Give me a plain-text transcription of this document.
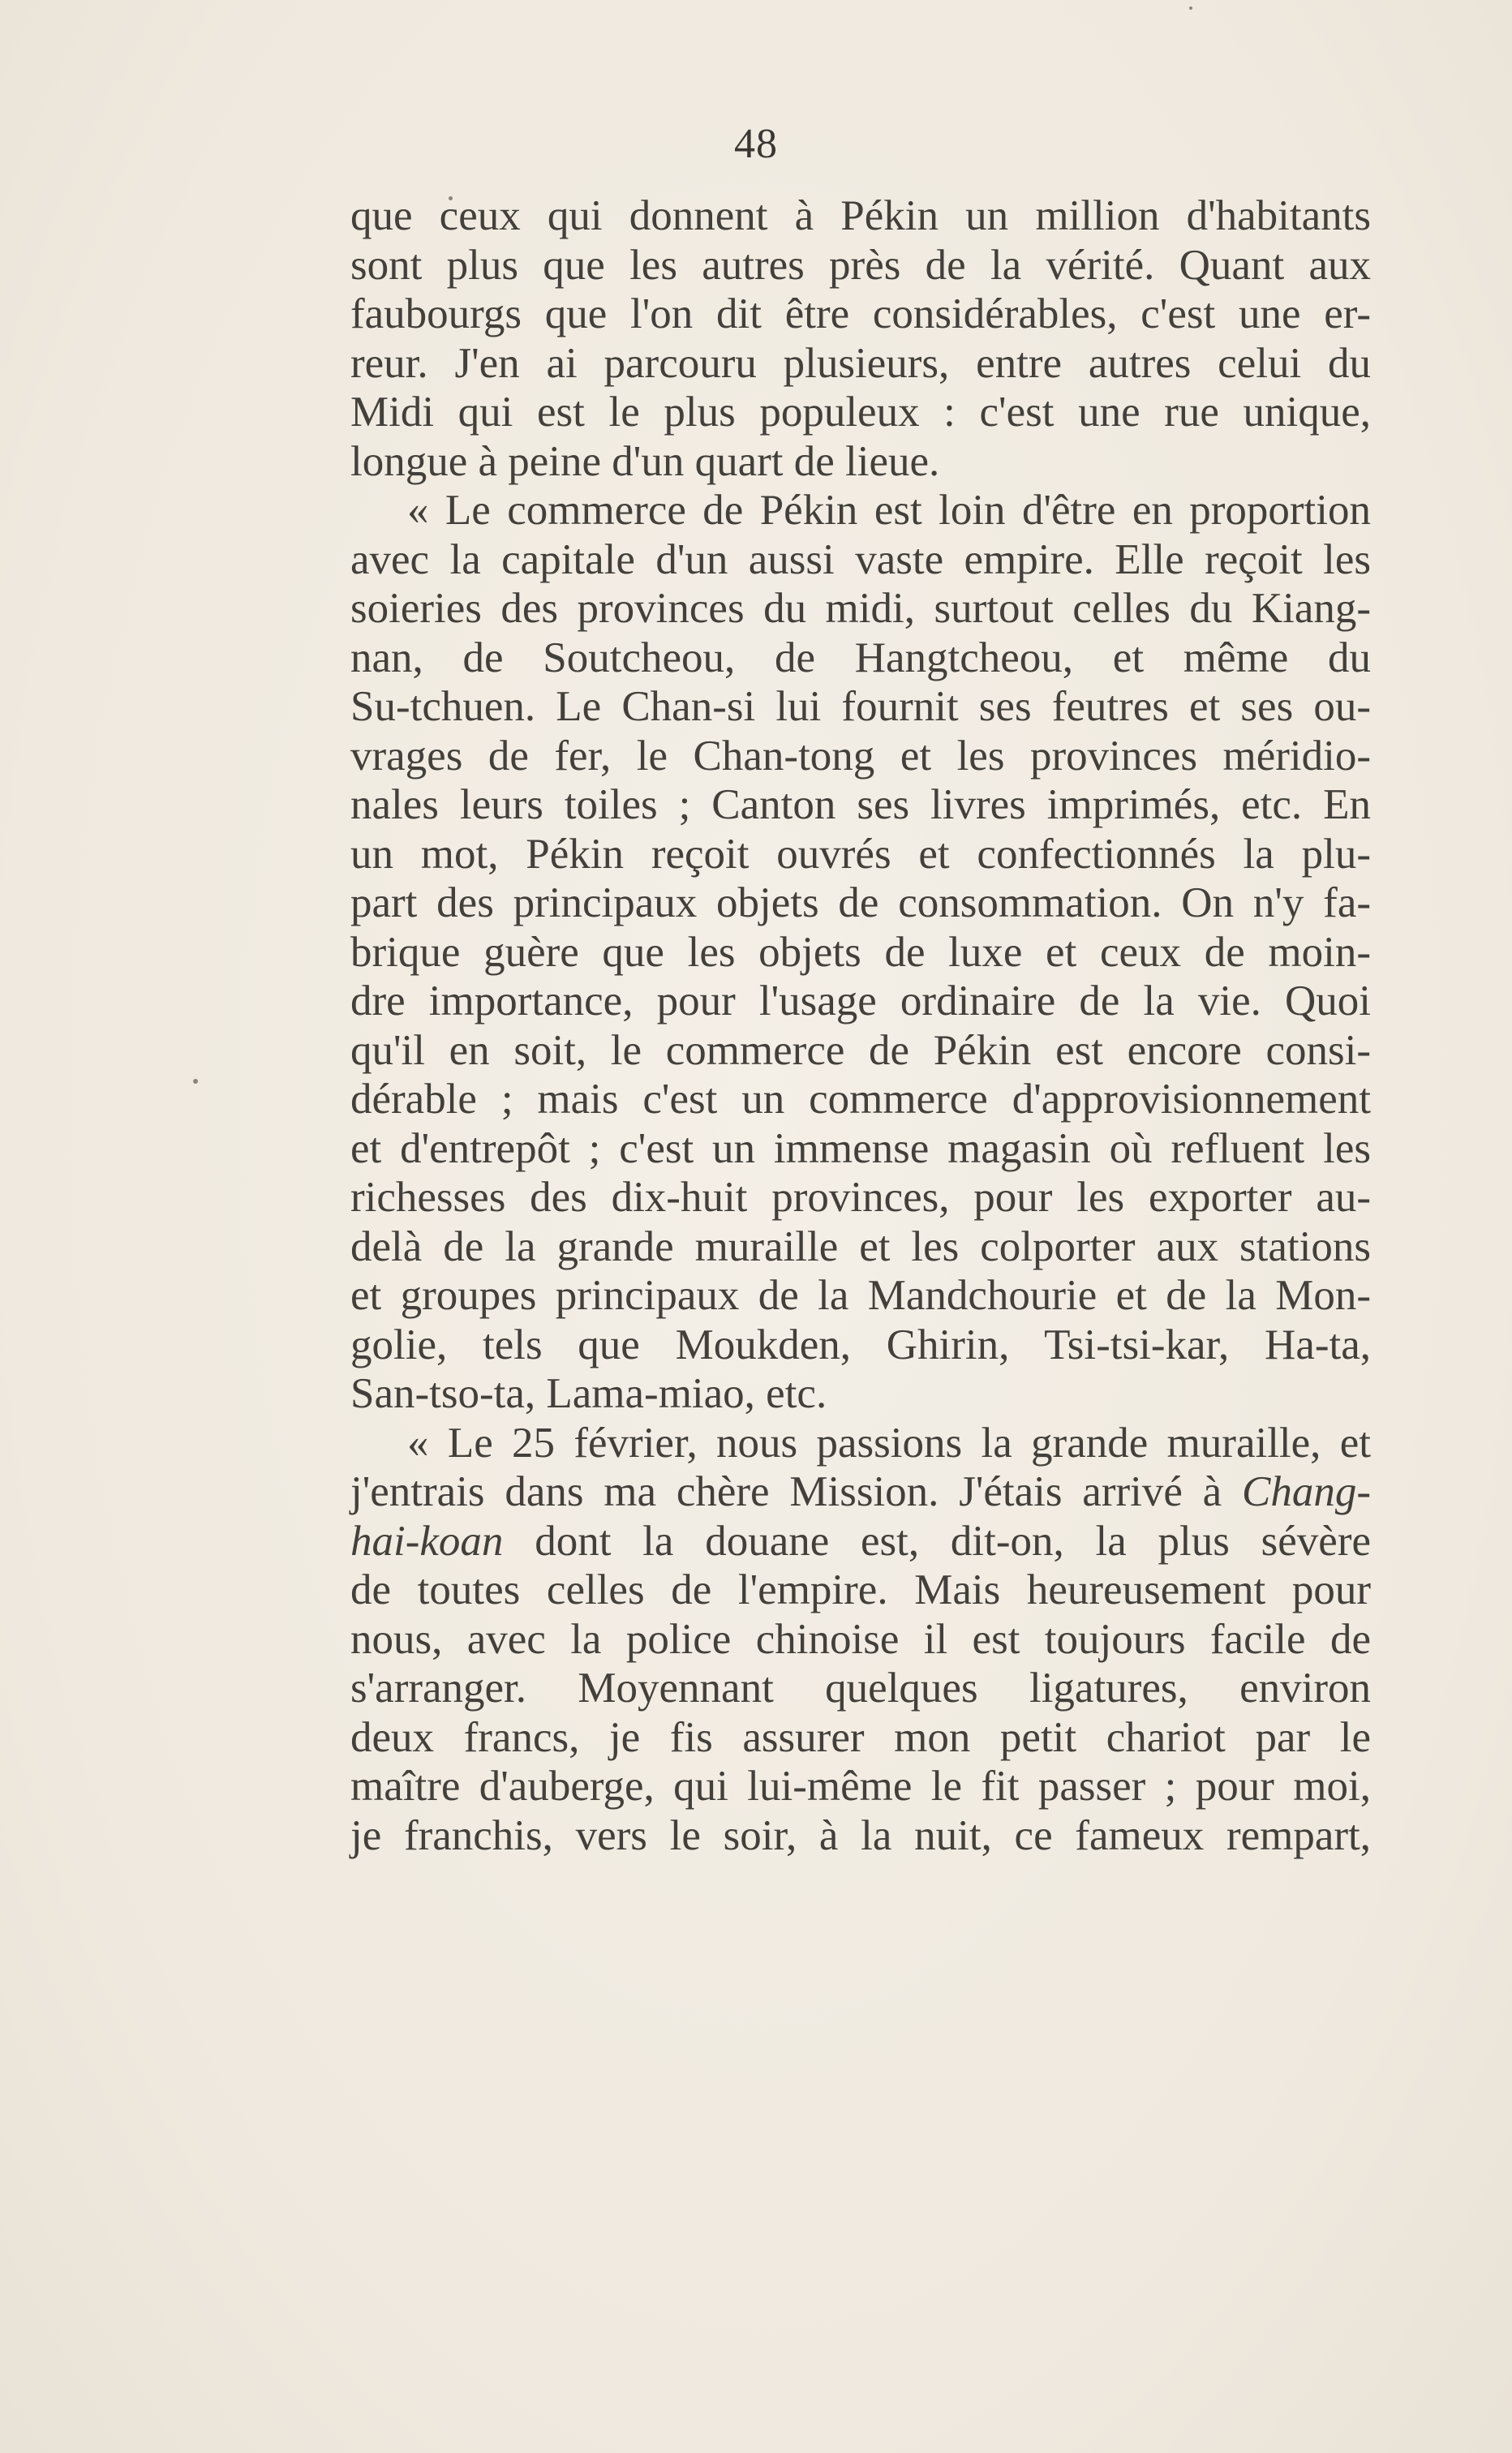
48
que ceux qui donnent à Pékin un million d'habitants
sont plus que les autres près de la vérité. Quant aux
faubourgs que l'on dit être considérables, c'est une er-
reur. J'en ai parcouru plusieurs, entre autres celui du
Midi qui est le plus populeux : c'est une rue unique,
longue à peine d'un quart de lieue.
« Le commerce de Pékin est loin d'être en proportion
avec la capitale d'un aussi vaste empire. Elle reçoit les
soieries des provinces du midi, surtout celles du Kiang-
nan, de Soutcheou, de Hangtcheou, et même du
Su-tchuen. Le Chan-si lui fournit ses feutres et ses ou-
vrages de fer, le Chan-tong et les provinces méridio-
nales leurs toiles ; Canton ses livres imprimés, etc. En
un mot, Pékin reçoit ouvrés et confectionnés la plu-
part des principaux objets de consommation. On n'y fa-
brique guère que les objets de luxe et ceux de moin-
dre importance, pour l'usage ordinaire de la vie. Quoi
qu'il en soit, le commerce de Pékin est encore consi-
dérable ; mais c'est un commerce d'approvisionnement
et d'entrepôt ; c'est un immense magasin où refluent les
richesses des dix-huit provinces, pour les exporter au-
delà de la grande muraille et les colporter aux stations
et groupes principaux de la Mandchourie et de la Mon-
golie, tels que Moukden, Ghirin, Tsi-tsi-kar, Ha-ta,
San-tso-ta, Lama-miao, etc.
« Le 25 février, nous passions la grande muraille, et
j'entrais dans ma chère Mission. J'étais arrivé à Chang-
hai-koan dont la douane est, dit-on, la plus sévère
de toutes celles de l'empire. Mais heureusement pour
nous, avec la police chinoise il est toujours facile de
s'arranger. Moyennant quelques ligatures, environ
deux francs, je fis assurer mon petit chariot par le
maître d'auberge, qui lui-même le fit passer ; pour moi,
je franchis, vers le soir, à la nuit, ce fameux rempart,
